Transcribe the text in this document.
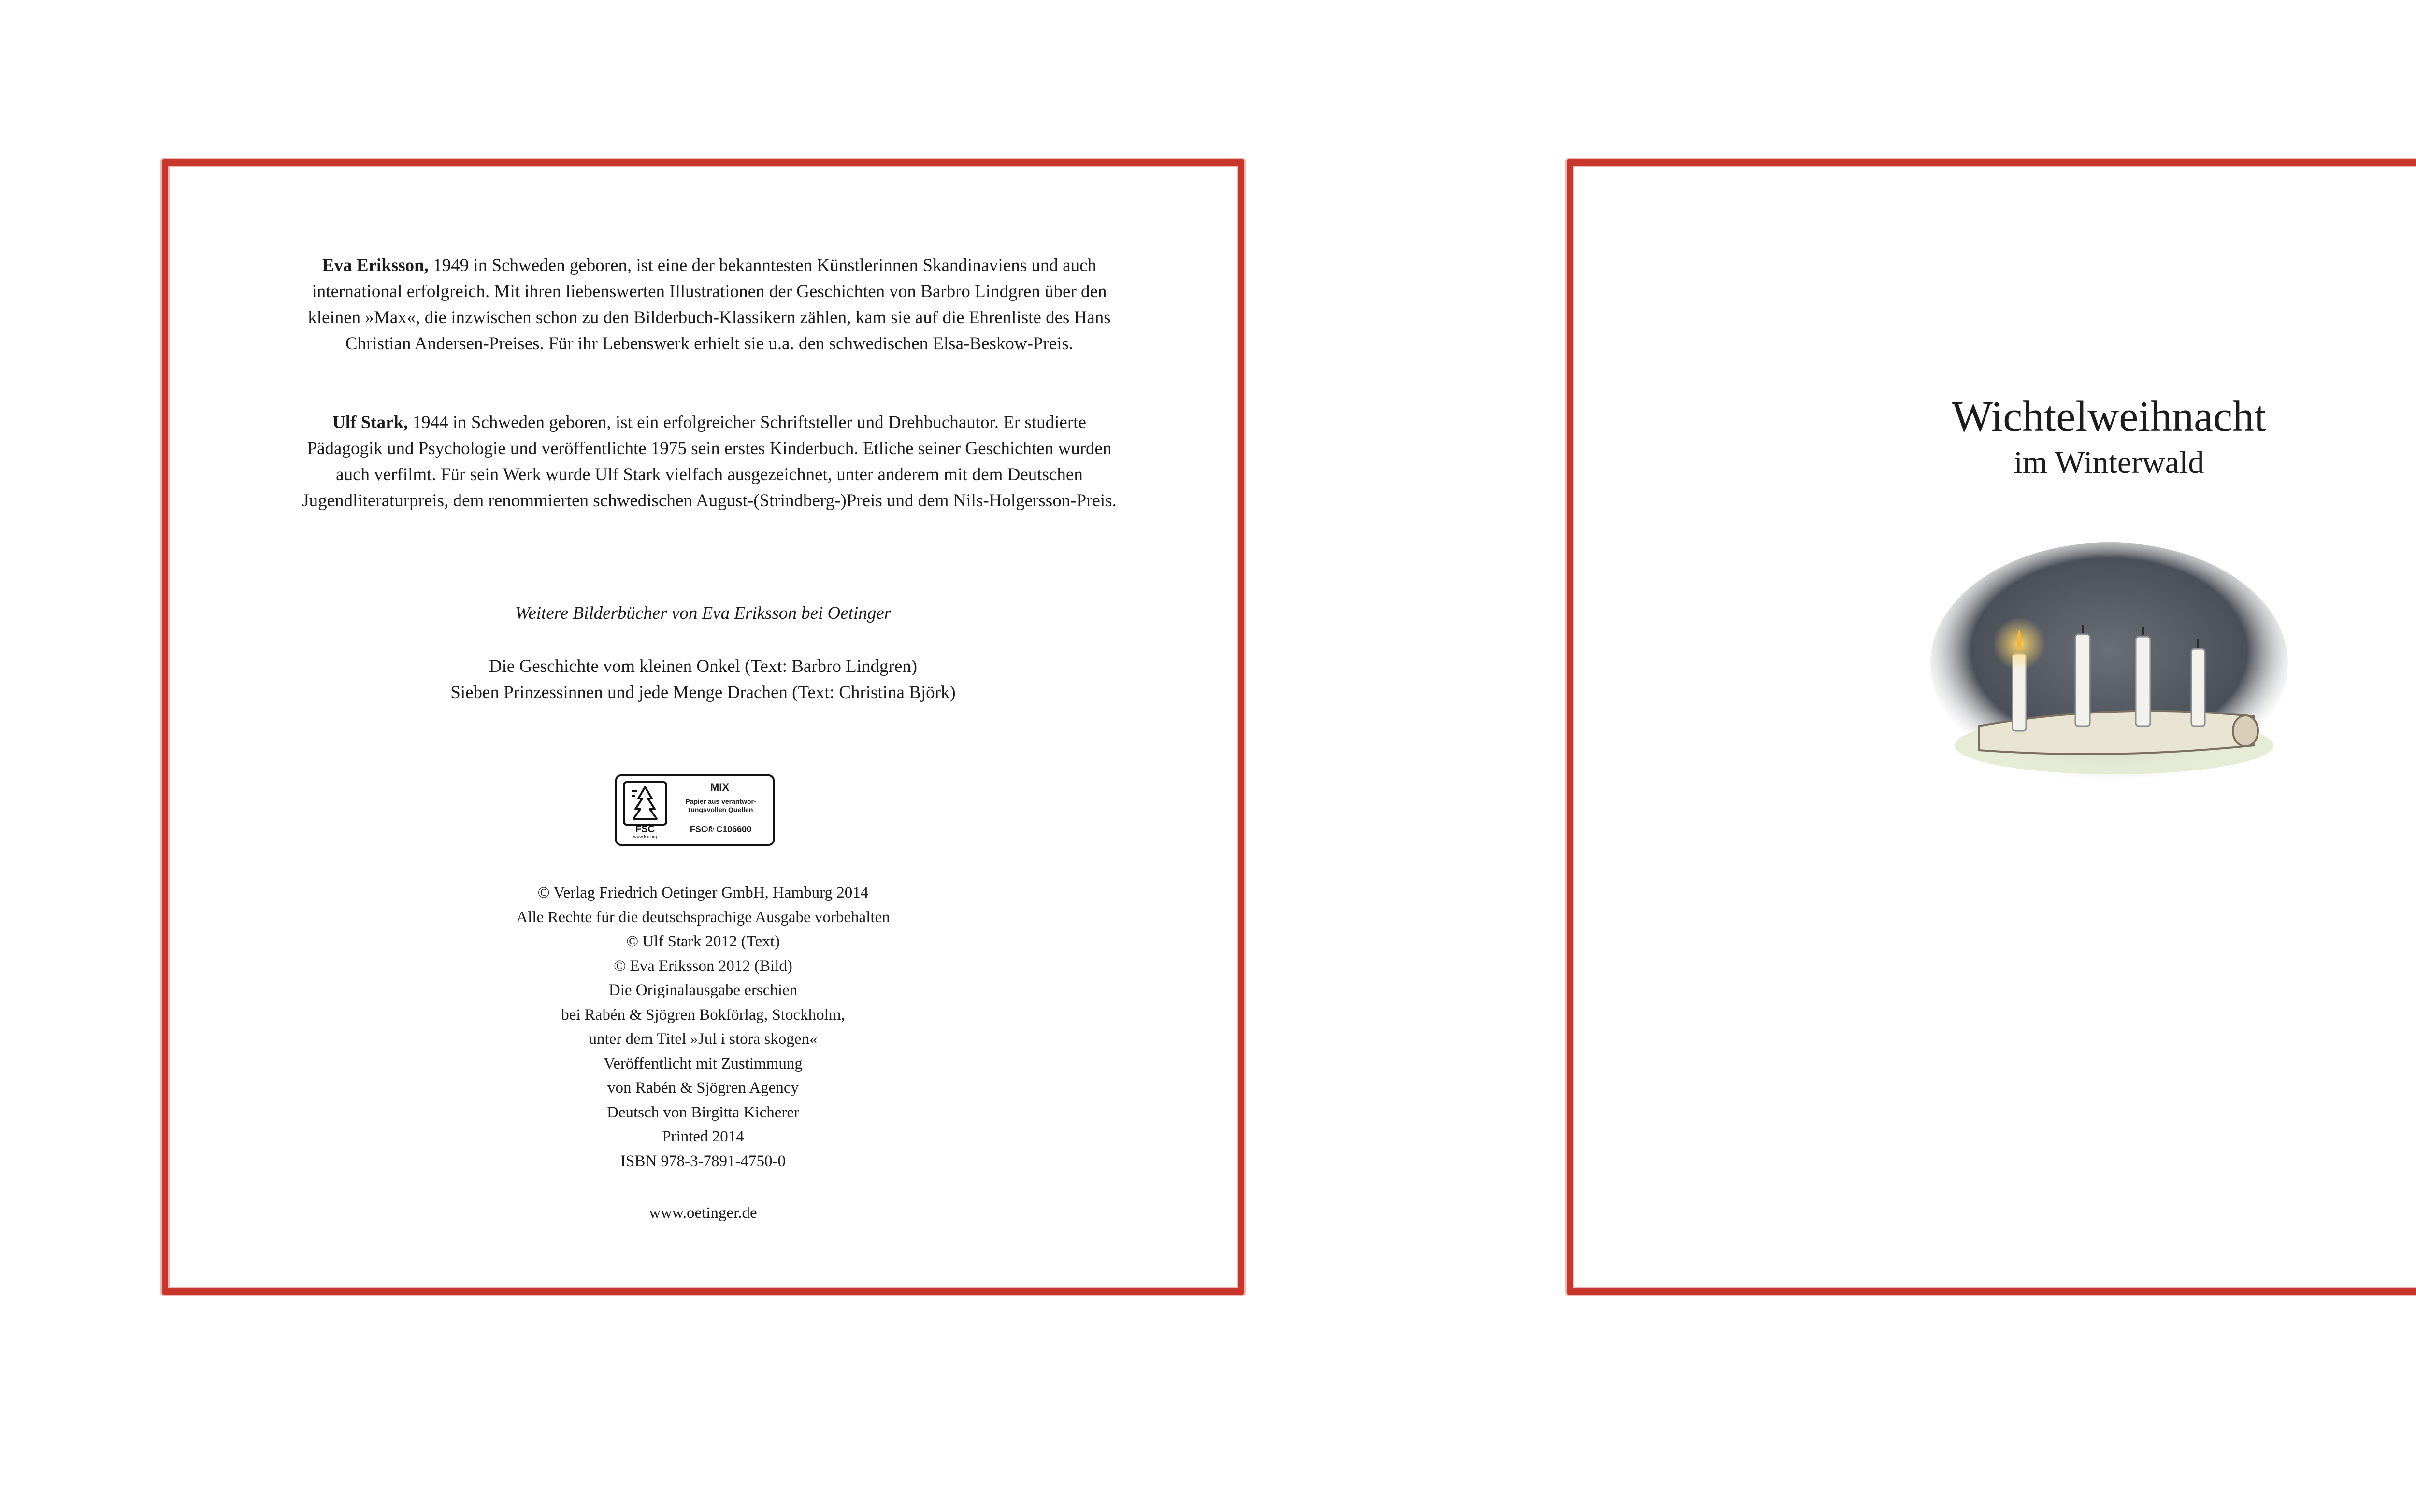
Eva Eriksson, 1949 in Schweden geboren, ist eine der bekanntesten Künstlerinnen Skandinaviens und auch international erfolgreich. Mit ihren liebenswerten Illustrationen der Geschichten von Barbro Lindgren über den kleinen »Max«, die inzwischen schon zu den Bilderbuch-Klassikern zählen, kam sie auf die Ehrenliste des Hans Christian Andersen-Preises. Für ihr Lebenswerk erhielt sie u.a. den schwedischen Elsa-Beskow-Preis.

Ulf Stark, 1944 in Schweden geboren, ist ein erfolgreicher Schriftsteller und Drehbuchautor. Er studierte Pädagogik und Psychologie und veröffentlichte 1975 sein erstes Kinderbuch. Etliche seiner Geschichten wurden auch verfilmt. Für sein Werk wurde Ulf Stark vielfach ausgezeichnet, unter anderem mit dem Deutschen Jugendliteraturpreis, dem renommierten schwedischen August-(Strindberg-)Preis und dem Nils-Holgersson-Preis.

Weitere Bilderbücher von Eva Eriksson bei Oetinger

Die Geschichte vom kleinen Onkel (Text: Barbro Lindgren)
Sieben Prinzessinnen und jede Menge Drachen (Text: Christina Björk)
FSC
www.fsc.org
MIX
Papier aus verantwor-
tungsvollen Quellen
FSC® C106600
© Verlag Friedrich Oetinger GmbH, Hamburg 2014
Alle Rechte für die deutschsprachige Ausgabe vorbehalten
© Ulf Stark 2012 (Text)
© Eva Eriksson 2012 (Bild)
Die Originalausgabe erschien
bei Rabén & Sjögren Bokförlag, Stockholm,
unter dem Titel »Jul i stora skogen«
Veröffentlicht mit Zustimmung
von Rabén & Sjögren Agency
Deutsch von Birgitta Kicherer
Printed 2014
ISBN 978-3-7891-4750-0
www.oetinger.de
Wichtelweihnacht
im Winterwald
